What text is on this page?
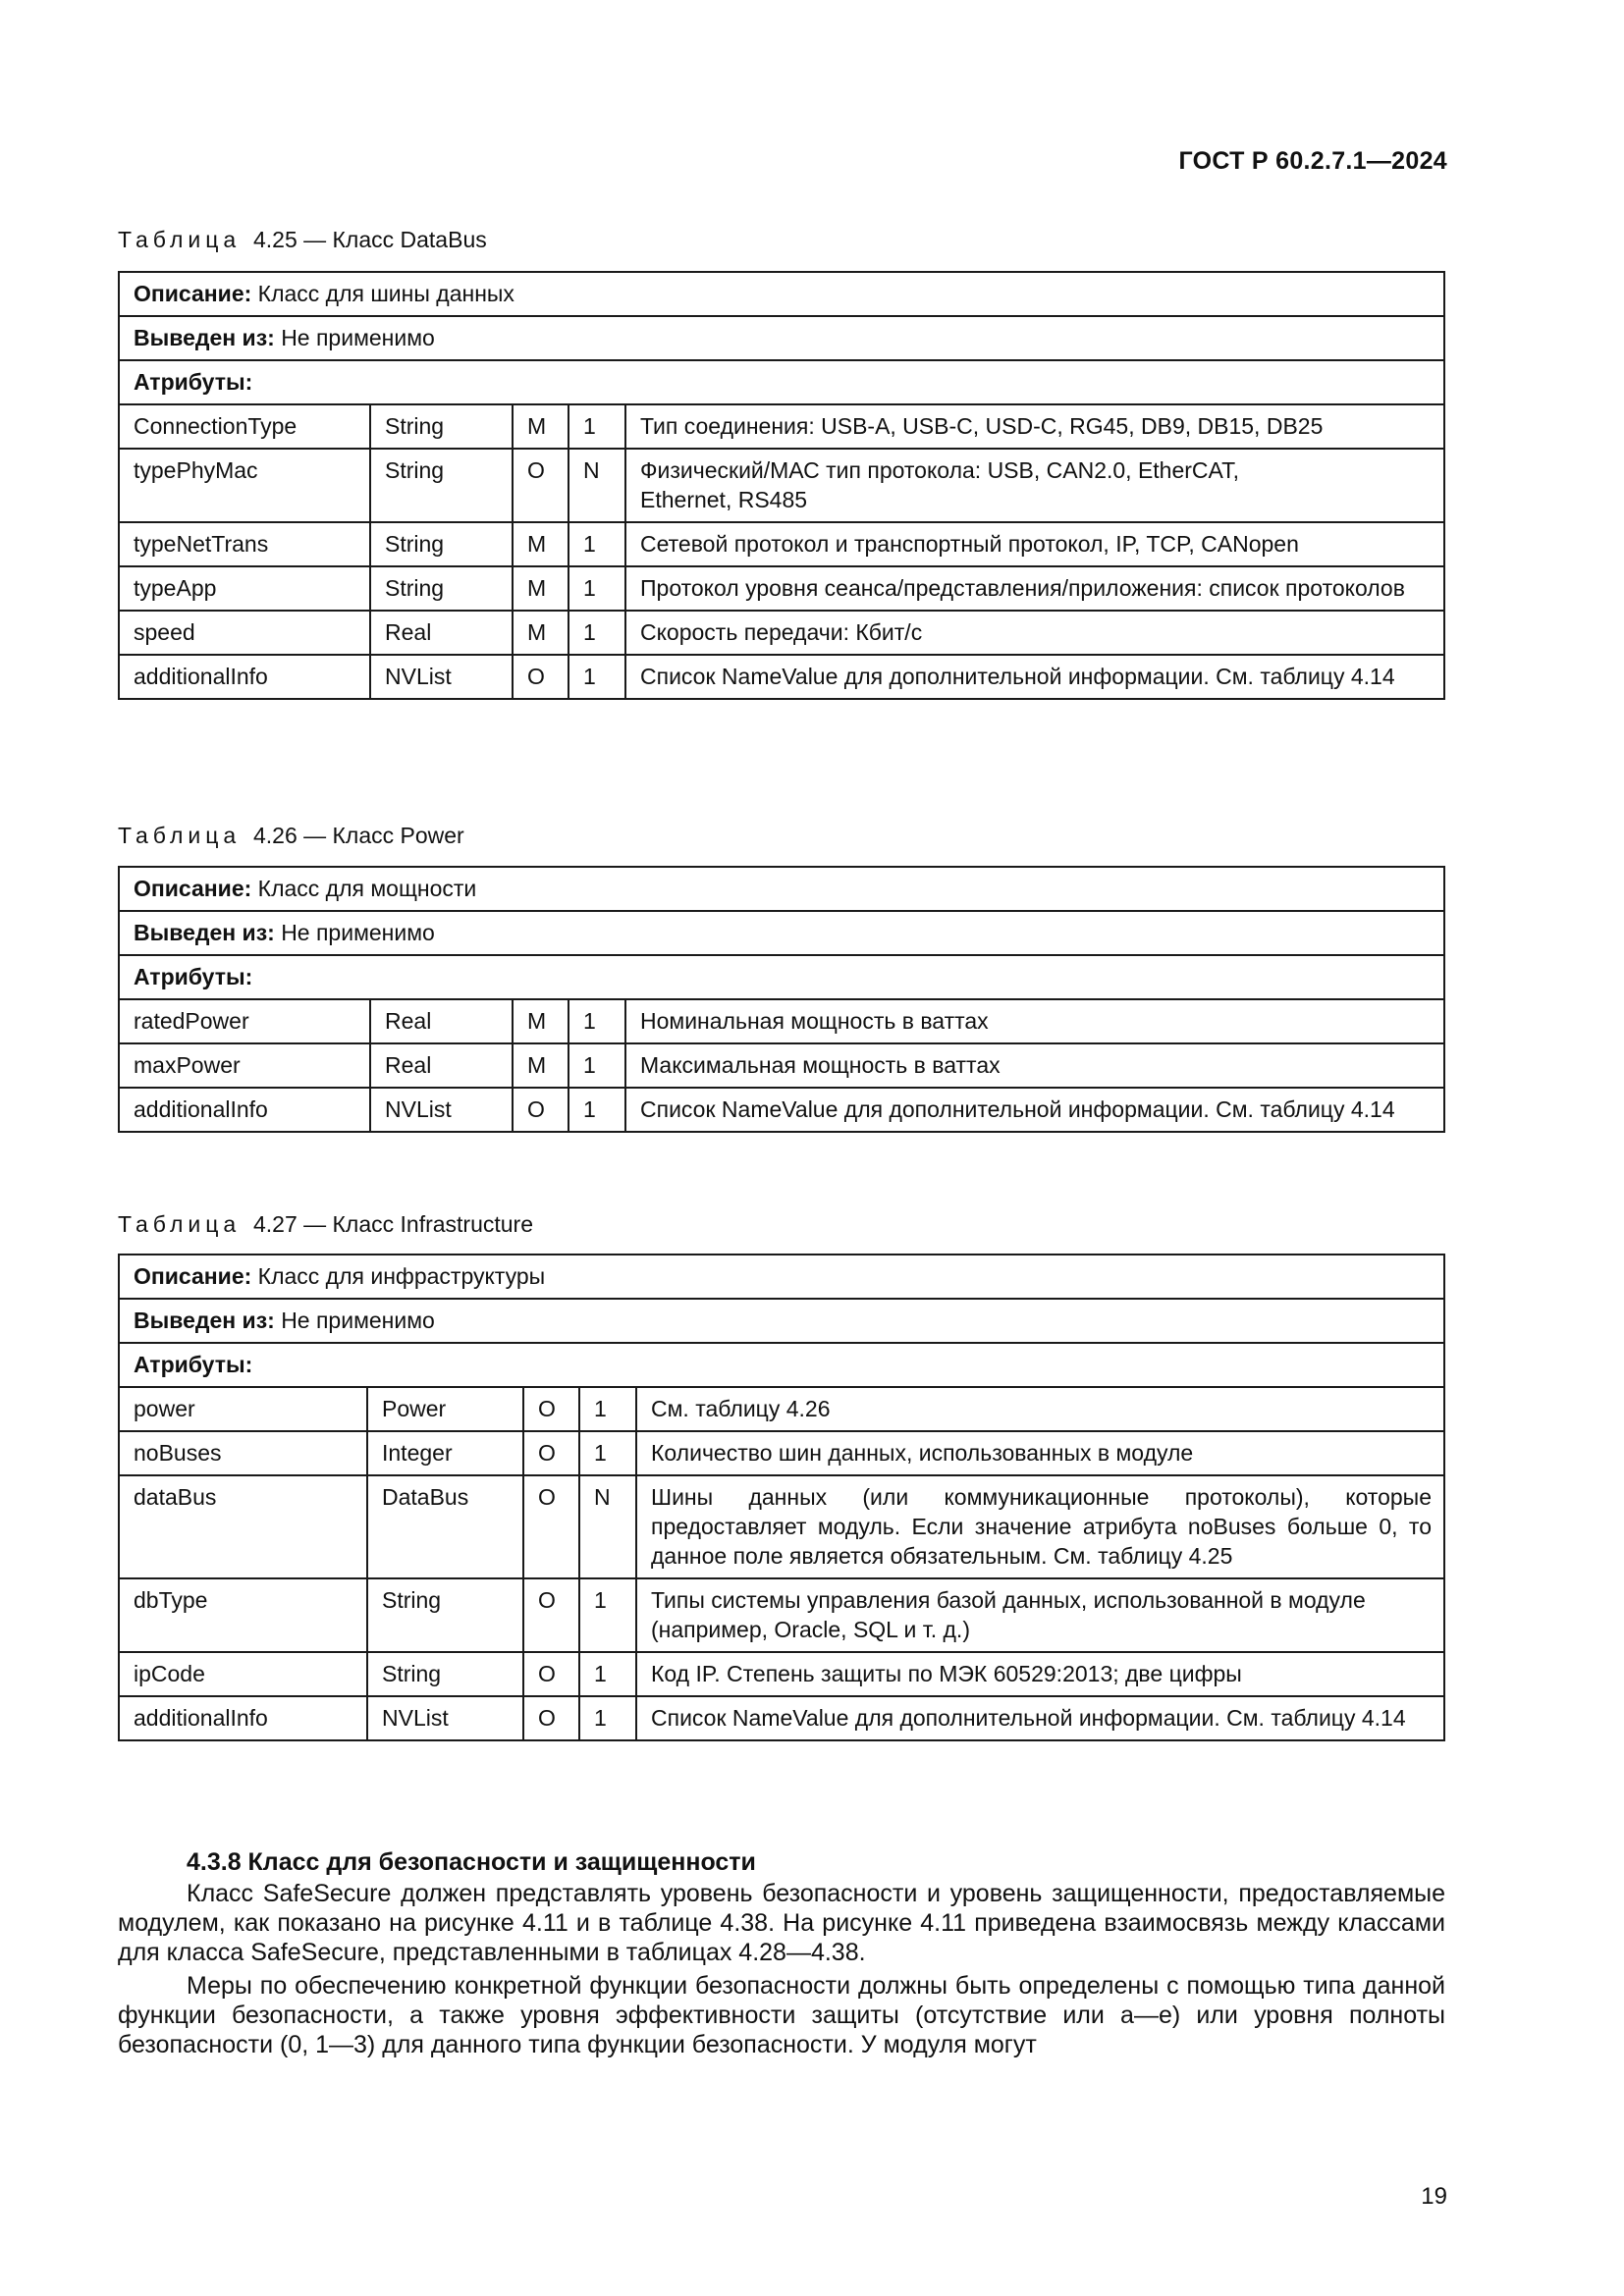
ГОСТ Р 60.2.7.1—2024
Таблица 4.25 — Класс DataBus
Описание: Класс для шины данных				
Выведен из: Не применимо				
Атрибуты:				
ConnectionType	String	M	1	Тип соединения: USB-A, USB-C, USD-C, RG45, DB9, DB15, DB25
typePhyMac	String	O	N	Физический/МАС тип протокола: USB, CAN2.0, EtherCAT, Ethernet, RS485
typeNetTrans	String	M	1	Сетевой протокол и транспортный протокол, IP, TCP, CANopen
typeApp	String	M	1	Протокол уровня сеанса/представления/приложения: список протоколов
speed	Real	M	1	Скорость передачи: Кбит/с
additionalInfo	NVList	O	1	Список NameValue для дополнительной информации. См. таблицу 4.14
Таблица 4.26 — Класс Power
Описание: Класс для мощности				
Выведен из: Не применимо				
Атрибуты:				
ratedPower	Real	M	1	Номинальная мощность в ваттах
maxPower	Real	M	1	Максимальная мощность в ваттах
additionalInfo	NVList	O	1	Список NameValue для дополнительной информации. См. таблицу 4.14
Таблица 4.27 — Класс Infrastructure
Описание: Класс для инфраструктуры				
Выведен из: Не применимо				
Атрибуты:				
power	Power	O	1	См. таблицу 4.26
noBuses	Integer	O	1	Количество шин данных, использованных в модуле
dataBus	DataBus	O	N	Шины данных (или коммуникационные протоколы), которые предоставляет модуль. Если значение атрибута noBuses больше 0, то данное поле является обязательным. См. таблицу 4.25
dbType	String	O	1	Типы системы управления базой данных, использованной в модуле (например, Oracle, SQL и т. д.)
ipCode	String	O	1	Код IP. Степень защиты по МЭК 60529:2013; две цифры
additionalInfo	NVList	O	1	Список NameValue для дополнительной информации. См. таблицу 4.14
4.3.8 Класс для безопасности и защищенности

Класс SafeSecure должен представлять уровень безопасности и уровень защищенности, предоставляемые модулем, как показано на рисунке 4.11 и в таблице 4.38. На рисунке 4.11 приведена взаимосвязь между классами для класса SafeSecure, представленными в таблицах 4.28—4.38.

Меры по обеспечению конкретной функции безопасности должны быть определены с помощью типа данной функции безопасности, а также уровня эффективности защиты (отсутствие или а—е) или уровня полноты безопасности (0, 1—3) для данного типа функции безопасности. У модуля могут

19
